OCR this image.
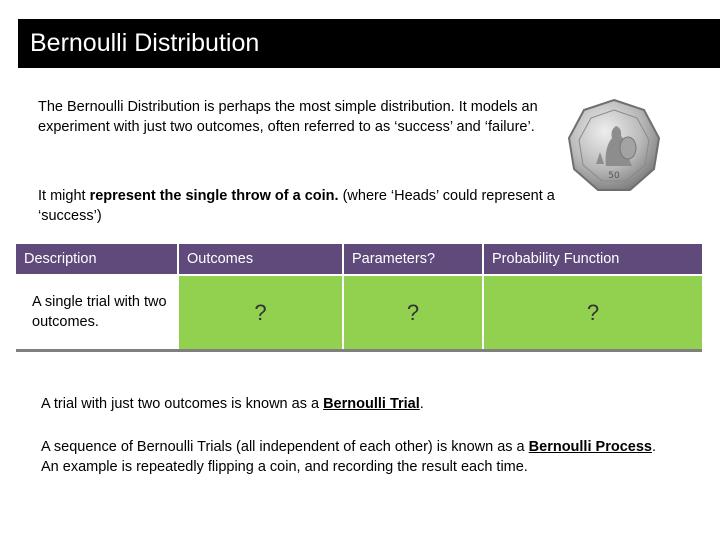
Bernoulli Distribution

The Bernoulli Distribution is perhaps the most simple distribution. It models an experiment with just two outcomes, often referred to as ‘success’ and ‘failure’.

It might represent the single throw of a coin. (where ‘Heads’ could represent a ‘success’)

50
Description	Outcomes	Parameters?	Probability Function
A single trial with two outcomes.	?	?	?

A trial with just two outcomes is known as a Bernoulli Trial.

A sequence of Bernoulli Trials (all independent of each other) is known as a Bernoulli Process.
An example is repeatedly flipping a coin, and recording the result each time.
